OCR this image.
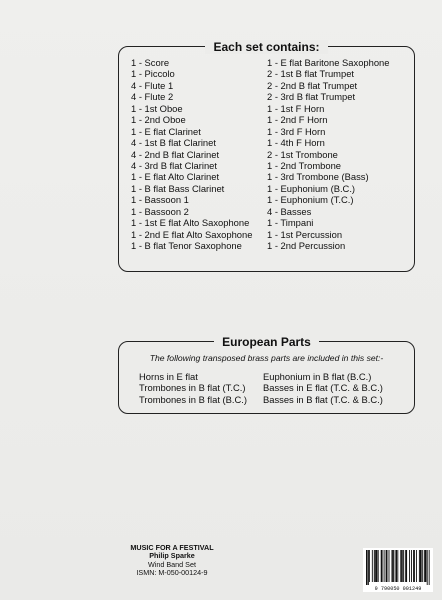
Each set contains:
1 - Score
1 - Piccolo
4 - Flute 1
4 - Flute 2
1 - 1st Oboe
1 - 2nd Oboe
1 - E flat Clarinet
4 - 1st B flat Clarinet
4 - 2nd B flat Clarinet
4 - 3rd B flat Clarinet
1 - E flat Alto Clarinet
1 - B flat Bass Clarinet
1 - Bassoon 1
1 - Bassoon 2
1 - 1st E flat Alto Saxophone
1 - 2nd E flat Alto Saxophone
1 - B flat Tenor Saxophone
1 - E flat Baritone Saxophone
2 - 1st B flat Trumpet
2 - 2nd B flat Trumpet
2 - 3rd B flat Trumpet
1 - 1st F Horn
1 - 2nd F Horn
1 - 3rd F Horn
1 - 4th F Horn
2 - 1st Trombone
1 - 2nd Trombone
1 - 3rd Trombone (Bass)
1 - Euphonium (B.C.)
1 - Euphonium (T.C.)
4 - Basses
1 - Timpani
1 - 1st Percussion
1 - 2nd Percussion
European Parts
The following transposed brass parts are included in this set:-
Horns in E flat
Trombones in B flat (T.C.)
Trombones in B flat (B.C.)
Euphonium in B flat (B.C.)
Basses in E flat (T.C. & B.C.)
Basses in B flat (T.C. & B.C.)
MUSIC FOR A FESTIVAL
Philip Sparke
Wind Band Set
ISMN: M-050-00124-9
9 790050 001249
